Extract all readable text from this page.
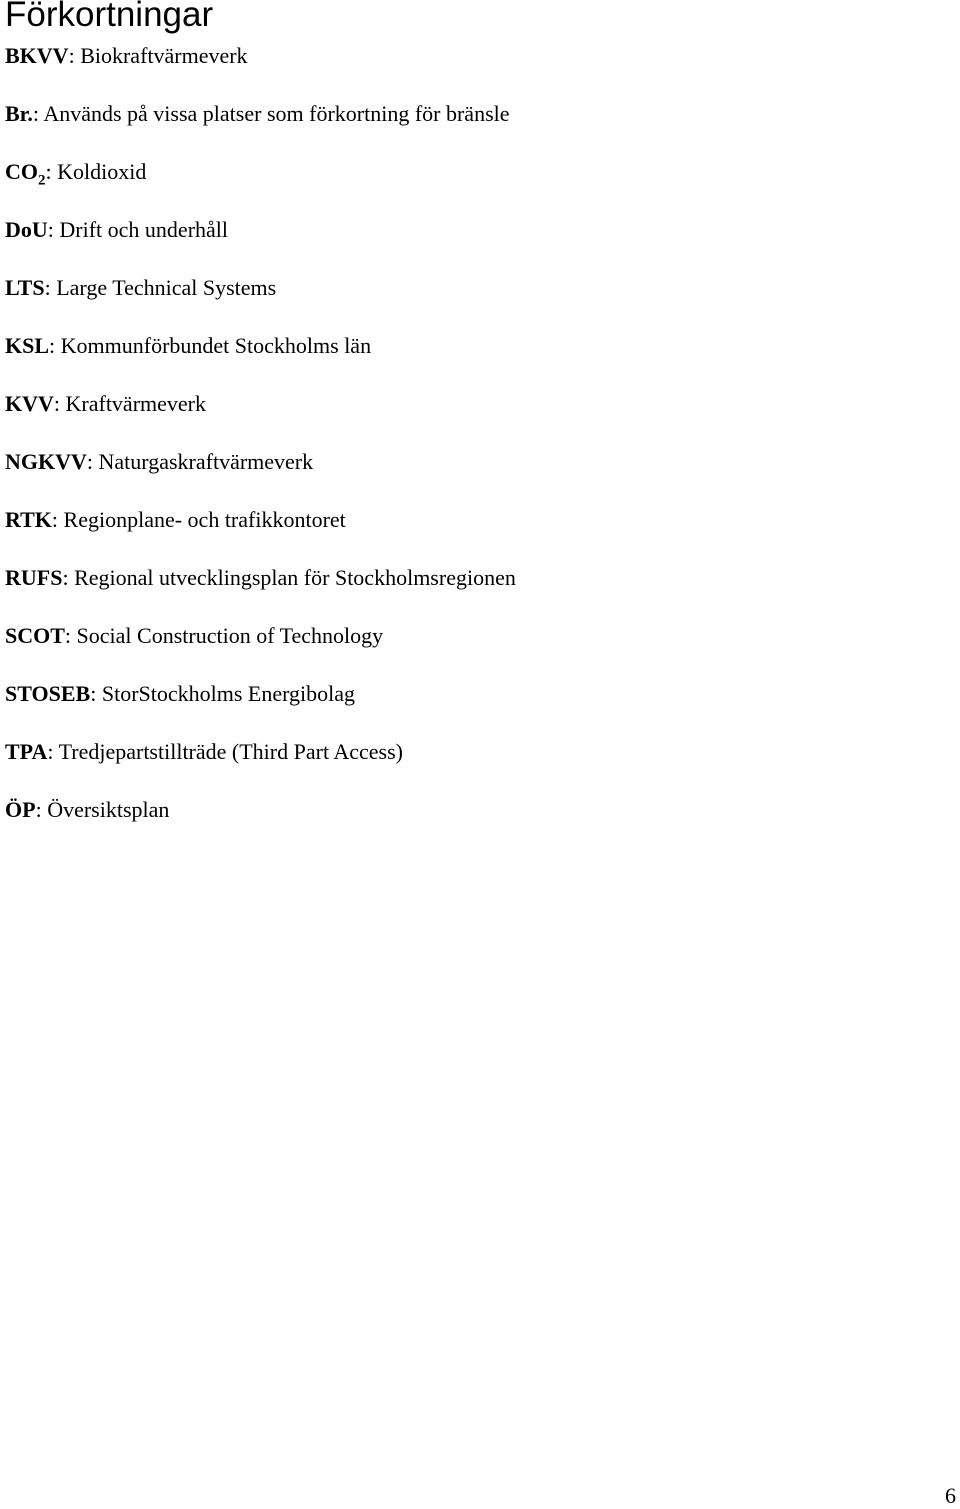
Förkortningar
BKVV: Biokraftvärmeverk
Br.: Används på vissa platser som förkortning för bränsle
$CO_2$: Koldioxid
DoU: Drift och underhåll
LTS: Large Technical Systems
KSL: Kommunförbundet Stockholms län
KVV: Kraftvärmeverk
NGKVV: Naturgaskraftvärmeverk
RTK: Regionplane- och trafikkontoret
RUFS: Regional utvecklingsplan för Stockholmsregionen
SCOT: Social Construction of Technology
STOSEB: StorStockholms Energibolag
TPA: Tredjepartstillträde (Third Part Access)
ÖP: Översiktsplan
6
